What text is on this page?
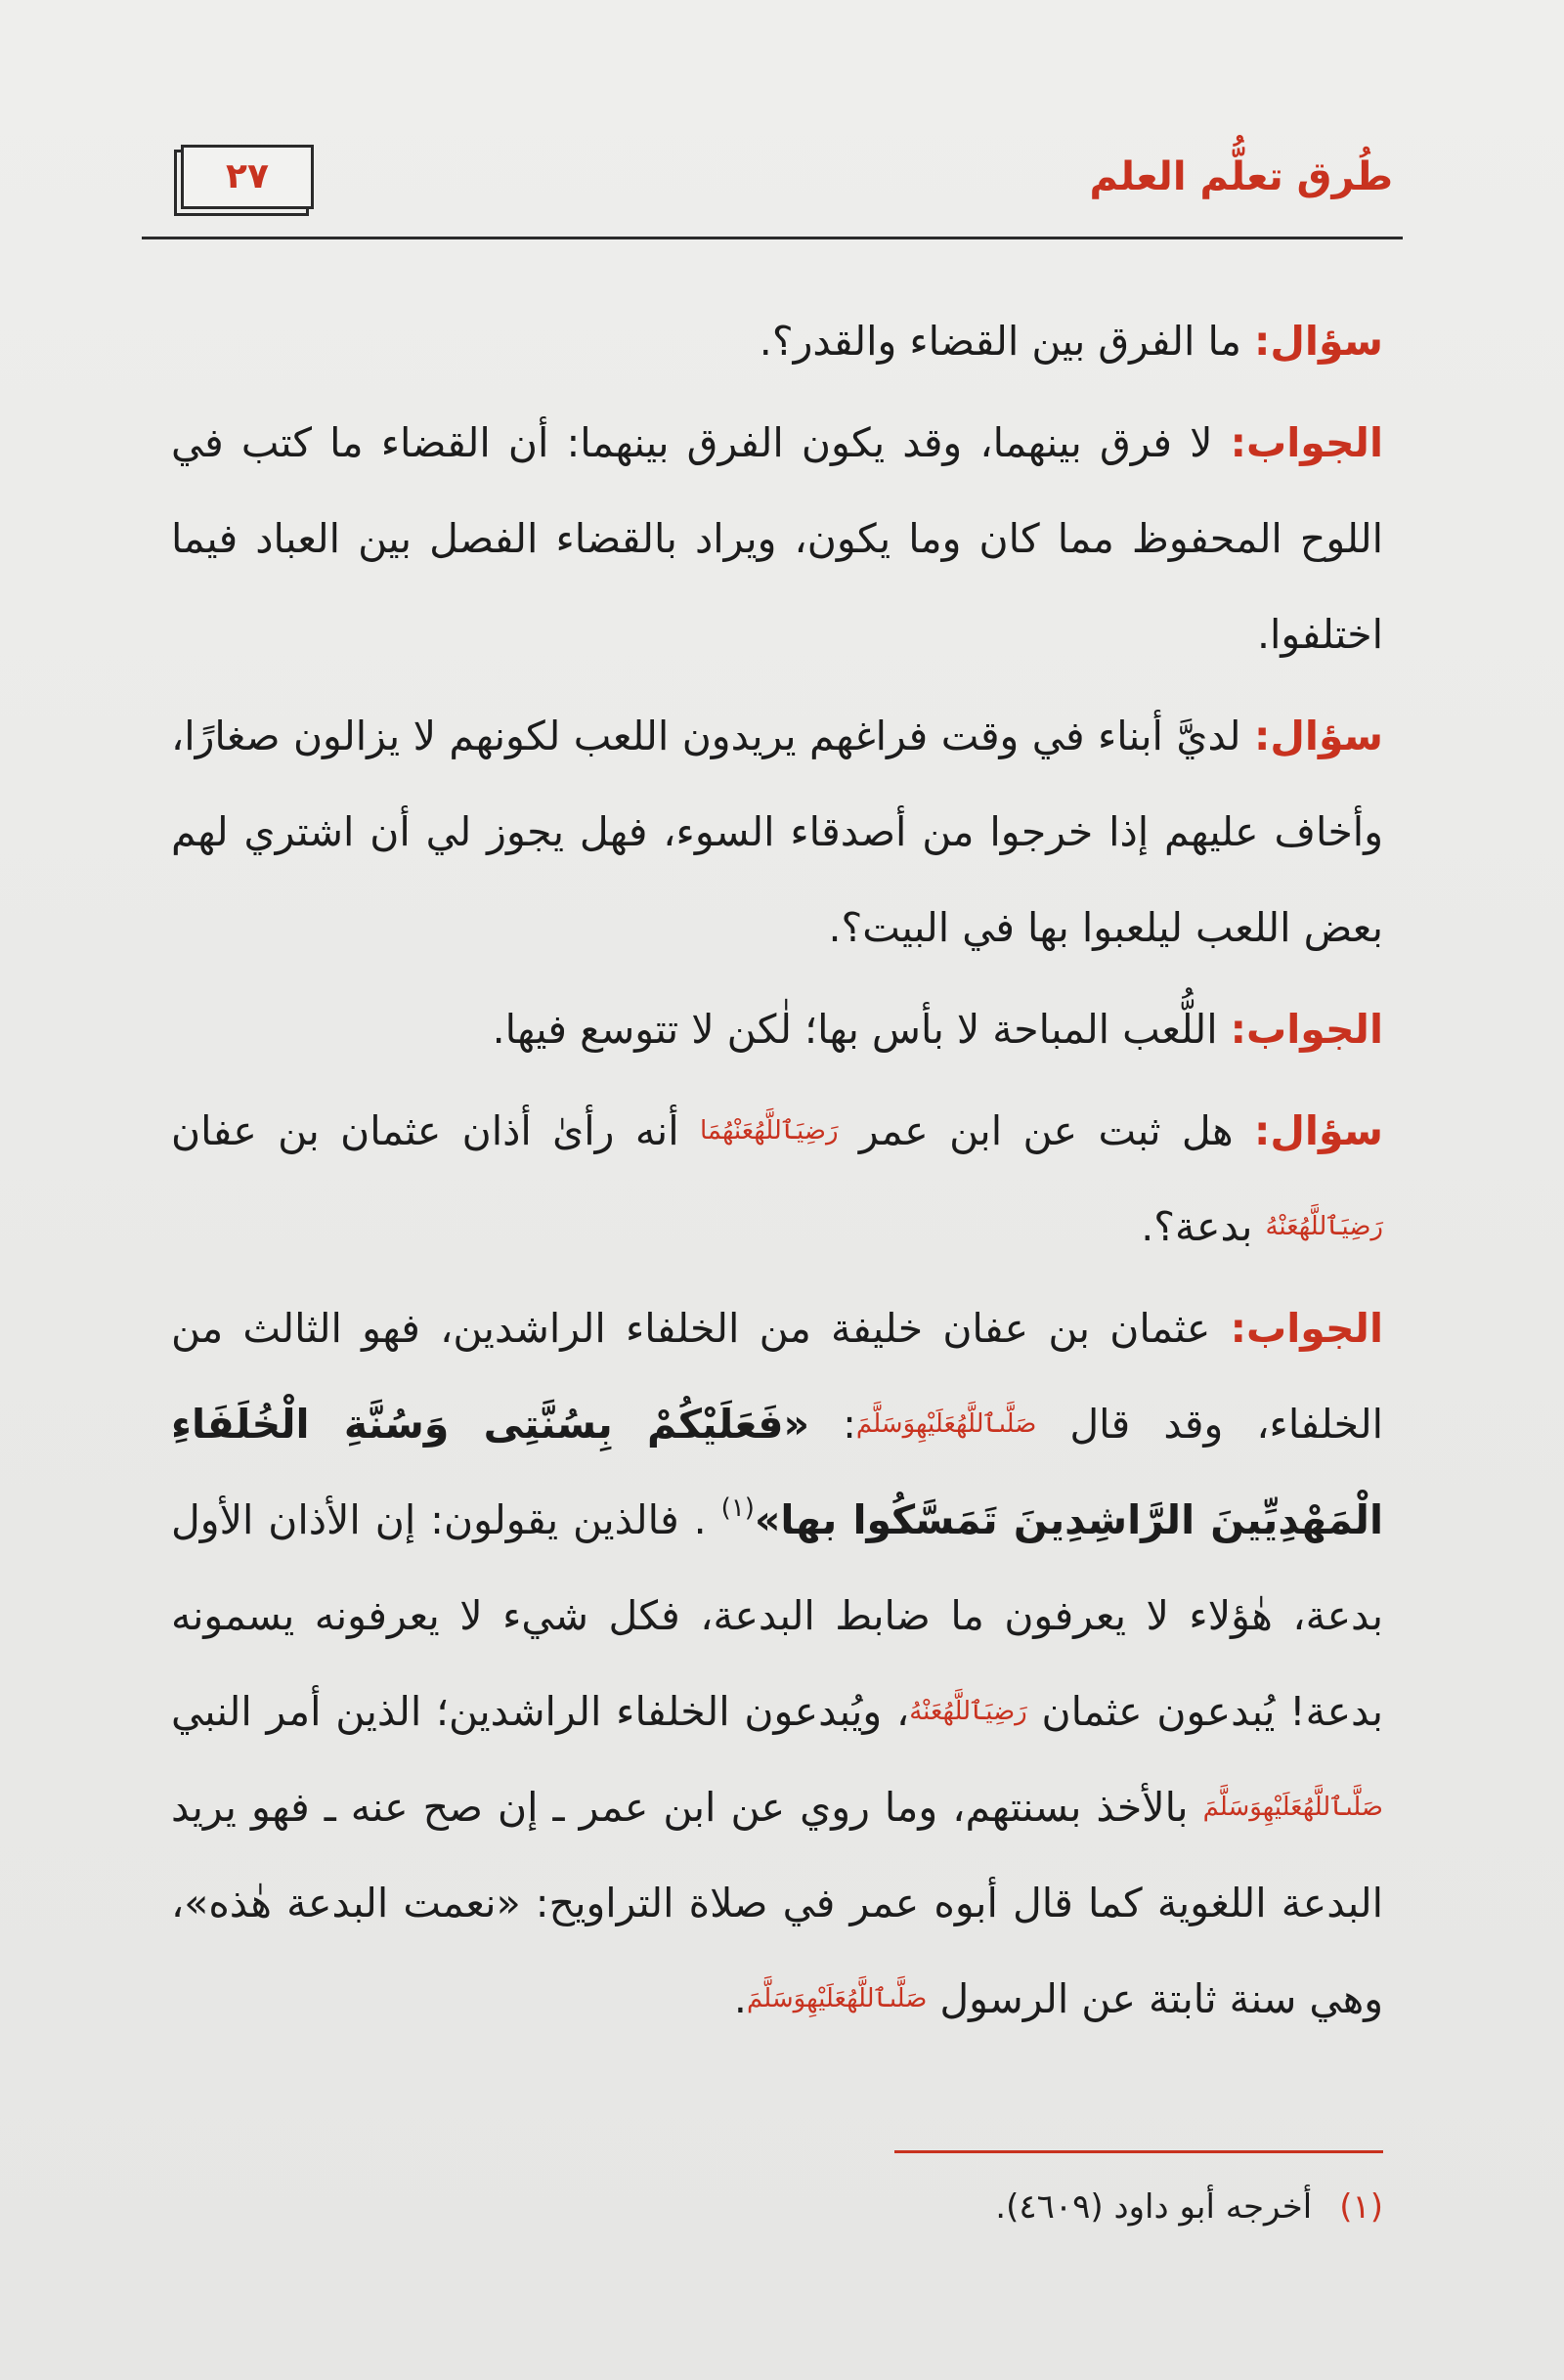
طُرق تعلُّم العلم
٢٧

سؤال: ما الفرق بين القضاء والقدر؟.

الجواب: لا فرق بينهما، وقد يكون الفرق بينهما: أن القضاء ما كتب في اللوح المحفوظ مما كان وما يكون، ويراد بالقضاء الفصل بين العباد فيما اختلفوا.

سؤال: لديَّ أبناء في وقت فراغهم يريدون اللعب لكونهم لا يزالون صغارًا، وأخاف عليهم إذا خرجوا من أصدقاء السوء، فهل يجوز لي أن اشتري لهم بعض اللعب ليلعبوا بها في البيت؟.

الجواب: اللُّعب المباحة لا بأس بها؛ لٰكن لا تتوسع فيها.

سؤال: هل ثبت عن ابن عمر رَضِيَٱللَّهُعَنْهُمَا أنه رأىٰ أذان عثمان بن عفان رَضِيَٱللَّهُعَنْهُ بدعة؟.

الجواب: عثمان بن عفان خليفة من الخلفاء الراشدين، فهو الثالث من الخلفاء، وقد قال صَلَّىٱللَّهُعَلَيْهِوَسَلَّمَ: «فَعَلَيْكُمْ بِسُنَّتِى وَسُنَّةِ الْخُلَفَاءِ الْمَهْدِيِّينَ الرَّاشِدِينَ تَمَسَّكُوا بها»$^{(١)}$ . فالذين يقولون: إن الأذان الأول بدعة، هٰؤلاء لا يعرفون ما ضابط البدعة، فكل شيء لا يعرفونه يسمونه بدعة! يُبدعون عثمان رَضِيَٱللَّهُعَنْهُ، ويُبدعون الخلفاء الراشدين؛ الذين أمر النبي صَلَّىٱللَّهُعَلَيْهِوَسَلَّمَ بالأخذ بسنتهم، وما روي عن ابن عمر ـ إن صح عنه ـ فهو يريد البدعة اللغوية كما قال أبوه عمر في صلاة التراويح: «نعمت البدعة هٰذه»، وهي سنة ثابتة عن الرسول صَلَّىٱللَّهُعَلَيْهِوَسَلَّمَ.

(١)أخرجه أبو داود (٤٦٠٩).
